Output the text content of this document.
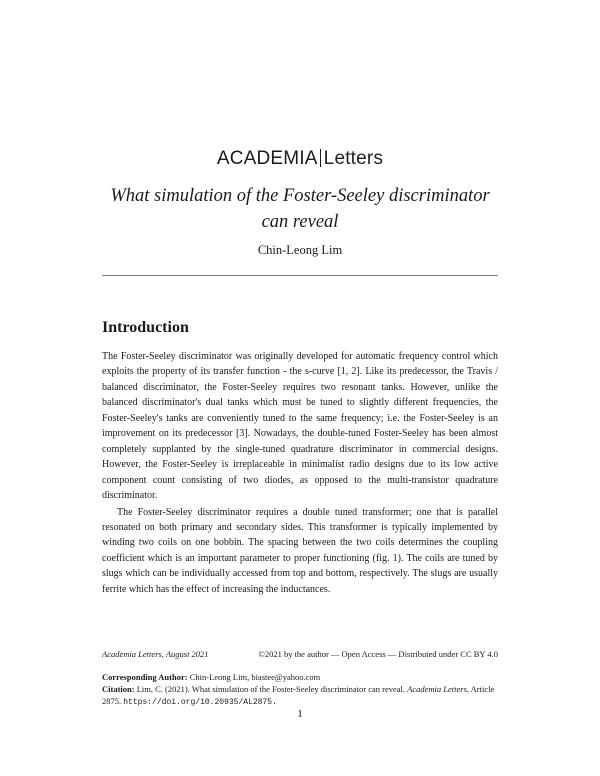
ACADEMIA Letters
What simulation of the Foster-Seeley discriminator can reveal
Chin-Leong Lim
Introduction

The Foster-Seeley discriminator was originally developed for automatic frequency control which exploits the property of its transfer function - the s-curve [1, 2]. Like its predecessor, the Travis / balanced discriminator, the Foster-Seeley requires two resonant tanks. However, unlike the balanced discriminator's dual tanks which must be tuned to slightly different frequencies, the Foster-Seeley's tanks are conveniently tuned to the same frequency; i.e. the Foster-Seeley is an improvement on its predecessor [3]. Nowadays, the double-tuned Foster-Seeley has been almost completely supplanted by the single-tuned quadrature discriminator in commercial designs. However, the Foster-Seeley is irreplaceable in minimalist radio designs due to its low active component count consisting of two diodes, as opposed to the multi-transistor quadrature discriminator.

The Foster-Seeley discriminator requires a double tuned transformer; one that is parallel resonated on both primary and secondary sides. This transformer is typically implemented by winding two coils on one bobbin. The spacing between the two coils determines the coupling coefficient which is an important parameter to proper functioning (fig. 1). The coils are tuned by slugs which can be individually accessed from top and bottom, respectively. The slugs are usually ferrite which has the effect of increasing the inductances.

Academia Letters, August 2021	©2021 by the author — Open Access — Distributed under CC BY 4.0
Corresponding Author: Chin-Leong Lim, biastee@yahoo.com
Citation: Lim, C. (2021). What simulation of the Foster-Seeley discriminator can reveal. Academia Letters, Article 2875. https://doi.org/10.20935/AL2875.
1
